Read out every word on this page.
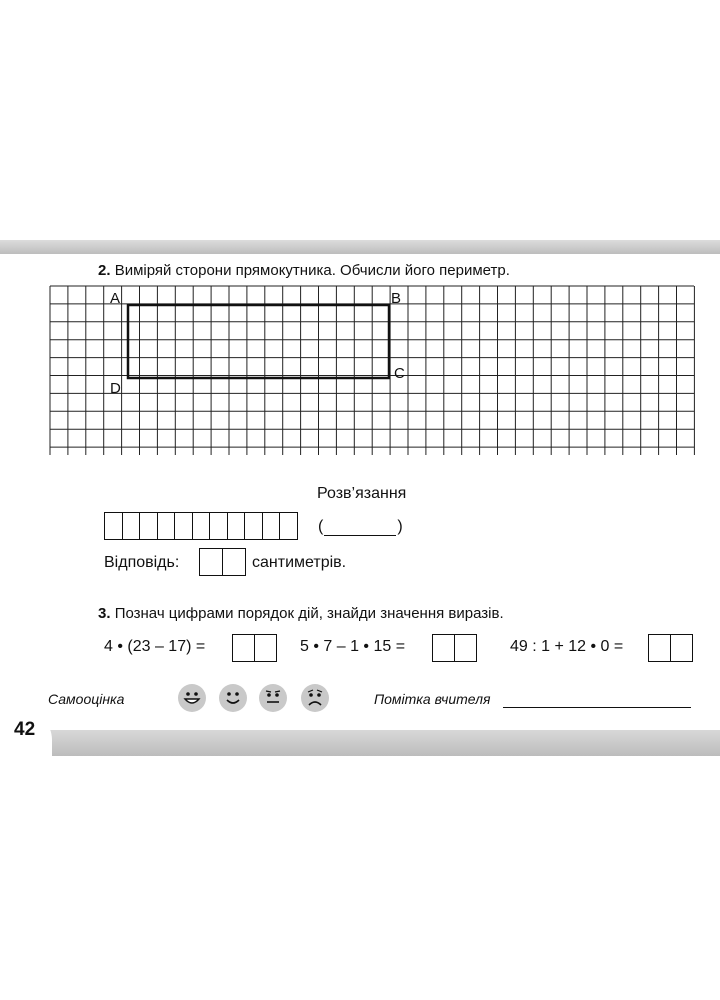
42
2. Виміряй сторони прямокутника. Обчисли його периметр.
A	B
C
D
Розв’язання
(	)
Відповідь:	сантиметрів.
3. Познач цифрами порядок дій, знайди значення виразів.
4 • (23 – 17) =	5 • 7 – 1 • 15 =	49 : 1 + 12 • 0 =
Самооцінка	Помітка вчителя
